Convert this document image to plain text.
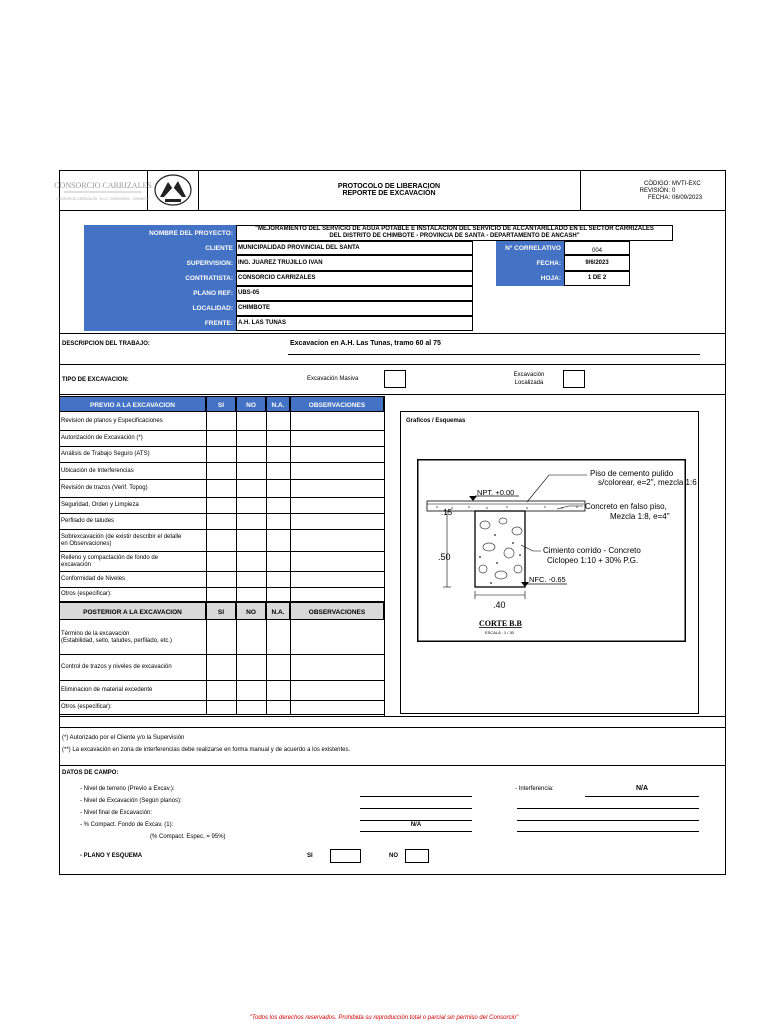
CONSORCIO CARRIZALES
CONSORCIO CARRIZALES · R.U.C. 20000000000 · CHIMBOTE
PROTOCOLO DE LIBERACION
REPORTE DE EXCAVACIÓN
CÓDIGO: MVTI-EXC
REVISIÓN: 0
FECHA: 06/09/2023
NOMBRE DEL PROYECTO:
"MEJORAMIENTO DEL SERVICIO DE AGUA POTABLE E INSTALACION DEL SERVICIO DE ALCANTARILLADO EN EL SECTOR CARRIZALES
DEL DISTRITO DE CHIMBOTE - PROVINCIA DE SANTA - DEPARTAMENTO DE ANCASH"
CLIENTE MUNICIPALIDAD PROVINCIAL DEL SANTA
SUPERVISION: ING. JUAREZ TRUJILLO IVAN
CONTRATISTA: CONSORCIO CARRIZALES
PLANO REF: UBS-05
LOCALIDAD: CHIMBOTE
FRENTE: A.H. LAS TUNAS
N° CORRELATIVO	004
FECHA:	9/6/2023
HOJA:	1 DE 2
DESCRIPCION DEL TRABAJO:	Excavacion en A.H. Las Tunas, tramo 60 al 75
TIPO DE EXCAVACION:	Excavación Masiva
Excavación
Localizada
PREVIO A LA EXCAVACION	SI	NO	N.A.	OBSERVACIONES
Revision de planos y Especificaciones
Autorización de Excavación (*)
Análisis de Trabajo Seguro (ATS)
Ubicación de Interferencias
Revisión de trazos (Verif. Topog)
Seguridad, Orden y Limpieza
Perfilado de taludes
Sobrexcavación (de existir describir el detalle
en Observaciones)
Relleno y compactación de fondo de
excavación
Conformidad de Niveles
Otros (especificar):
POSTERIOR A LA EXCAVACION	SI	NO	N.A.	OBSERVACIONES
Término de la excavación
(Estabilidad, sello, taludes, perfilado, etc.)
Control de trazos y niveles de excavación
Eliminacion de material excedente
Otros (especificar):
Graficos / Esquemas
.50
.15
.40
NPT. +0.00
NFC. -0.65
Piso de cemento pulido
s/colorear, e=2", mezcla 1:6
Concreto en falso piso,
Mezcla 1:8, e=4"
Cimiento corrido - Concreto
Ciclopeo 1:10 + 30% P.G.
CORTE B.B
ESCALA : 1 / 30
(*) Autorizado por el Cliente y/o la Supervisión
(**) La excavación en zona de interferencias debe realizarse en forma manual y de acuerdo a los existentes.
DATOS DE CAMPO:
- Nivel de terreno (Previo a Excav.):
- Nivel de Excavación (Según planos):
- Nivel final de Excavación:
- % Compact. Fondo de Excav. (1):	N/A
(% Compact. Espec. = 95%)
- Interferencia:	N/A
- PLANO Y ESQUEMA	SI	NO
"Todos los derechos reservados. Prohibida su reproducción total o parcial sin permiso del Consorcio"
